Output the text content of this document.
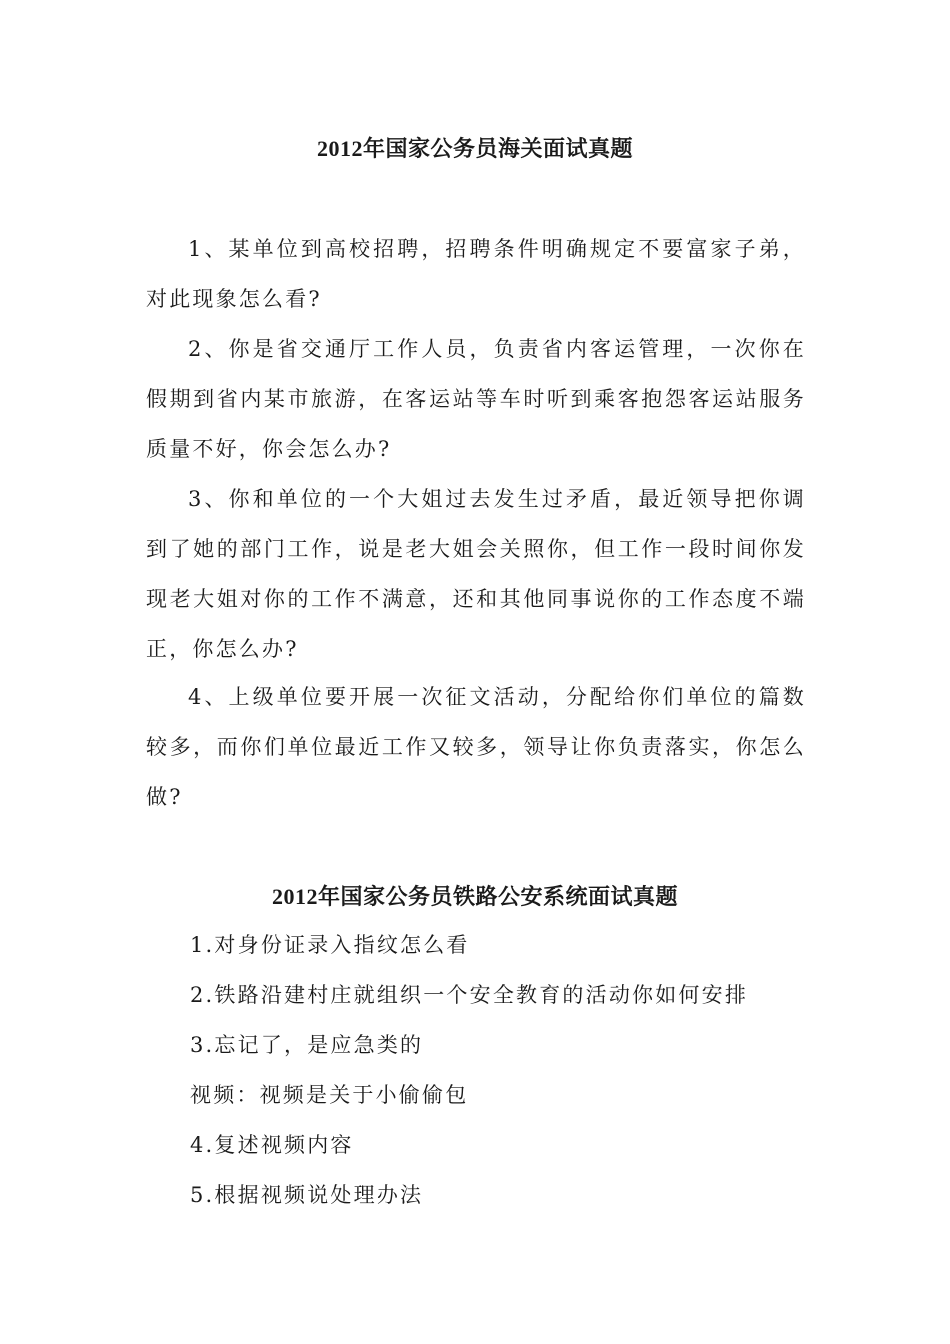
2012年国家公务员海关面试真题

1、某单位到高校招聘，招聘条件明确规定不要富家子弟，对此现象怎么看?

2、你是省交通厅工作人员，负责省内客运管理，一次你在假期到省内某市旅游，在客运站等车时听到乘客抱怨客运站服务质量不好，你会怎么办?

3、你和单位的一个大姐过去发生过矛盾，最近领导把你调到了她的部门工作，说是老大姐会关照你，但工作一段时间你发现老大姐对你的工作不满意，还和其他同事说你的工作态度不端正，你怎么办?

4、上级单位要开展一次征文活动，分配给你们单位的篇数较多，而你们单位最近工作又较多，领导让你负责落实，你怎么做?

2012年国家公务员铁路公安系统面试真题

1.对身份证录入指纹怎么看

2.铁路沿建村庄就组织一个安全教育的活动你如何安排

3.忘记了，是应急类的

视频：视频是关于小偷偷包

4.复述视频内容

5.根据视频说处理办法
